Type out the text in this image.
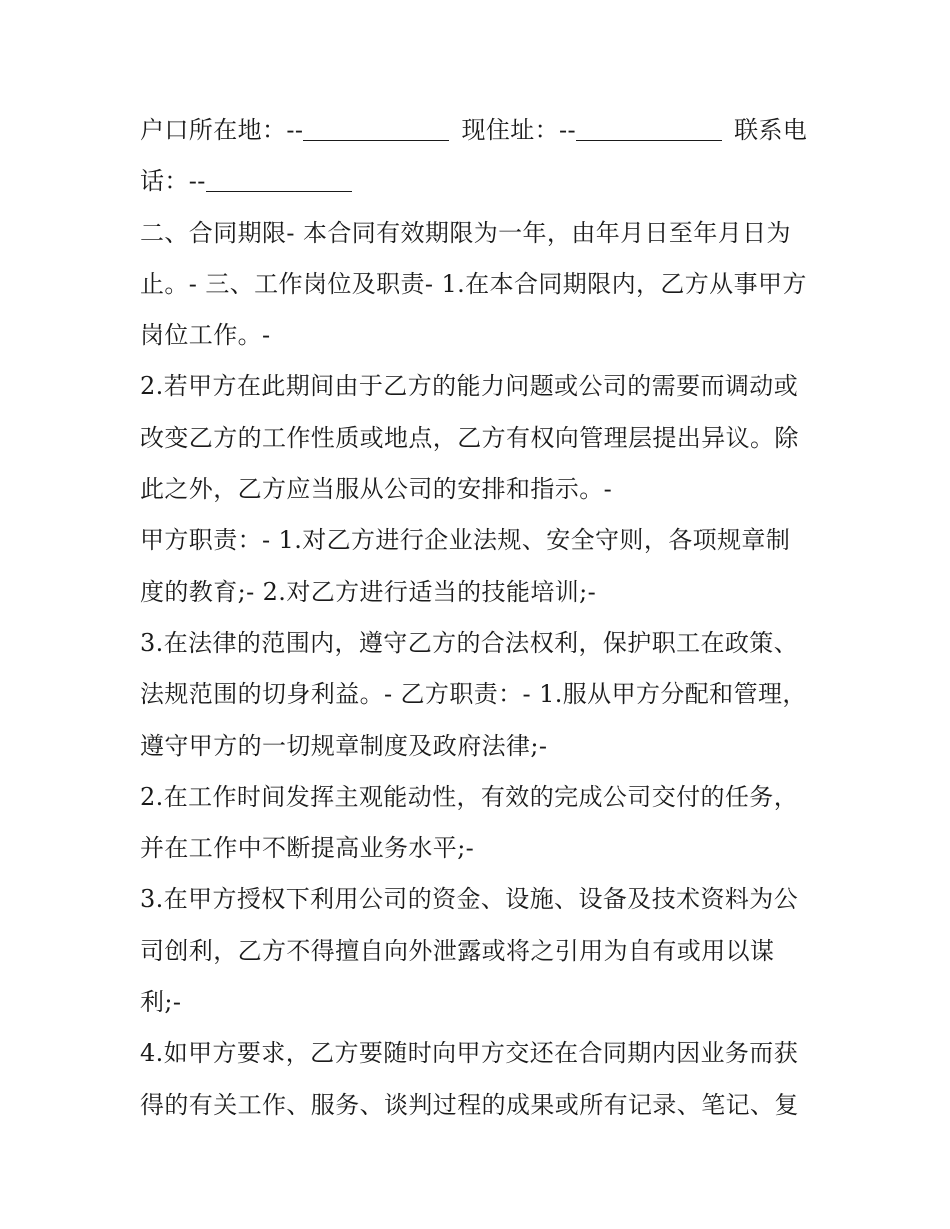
户口所在地：--	现住址：--	联系电
话：--
二、合同期限- 本合同有效期限为一年，由年月日至年月日为
止。- 三、工作岗位及职责- 1.在本合同期限内，乙方从事甲方
岗位工作。-
2.若甲方在此期间由于乙方的能力问题或公司的需要而调动或
改变乙方的工作性质或地点，乙方有权向管理层提出异议。除
此之外，乙方应当服从公司的安排和指示。-
甲方职责：- 1.对乙方进行企业法规、安全守则，各项规章制
度的教育;- 2.对乙方进行适当的技能培训;-
3.在法律的范围内，遵守乙方的合法权利，保护职工在政策、
法规范围的切身利益。- 乙方职责：- 1.服从甲方分配和管理，
遵守甲方的一切规章制度及政府法律;-
2.在工作时间发挥主观能动性，有效的完成公司交付的任务，
并在工作中不断提高业务水平;-
3.在甲方授权下利用公司的资金、设施、设备及技术资料为公
司创利，乙方不得擅自向外泄露或将之引用为自有或用以谋
利;-
4.如甲方要求，乙方要随时向甲方交还在合同期内因业务而获
得的有关工作、服务、谈判过程的成果或所有记录、笔记、复
